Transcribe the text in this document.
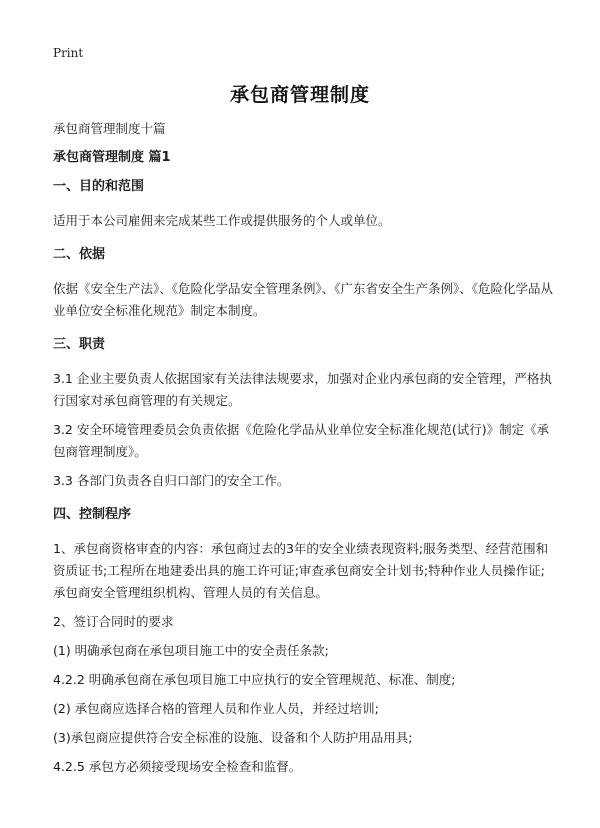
Print
承包商管理制度

承包商管理制度十篇

承包商管理制度 篇1

一、目的和范围

适用于本公司雇佣来完成某些工作或提供服务的个人或单位。

二、依据

依据《安全生产法》、《危险化学品安全管理条例》、《广东省安全生产条例》、《危险化学品从业单位安全标准化规范》制定本制度。

三、职责

3.1 企业主要负责人依据国家有关法律法规要求，加强对企业内承包商的安全管理，严格执行国家对承包商管理的有关规定。

3.2 安全环境管理委员会负责依据《危险化学品从业单位安全标准化规范(试行)》制定《承包商管理制度》。

3.3 各部门负责各自归口部门的安全工作。

四、控制程序

1、承包商资格审查的内容：承包商过去的3年的安全业绩表现资料;服务类型、经营范围和资质证书;工程所在地建委出具的施工许可证;审查承包商安全计划书;特种作业人员操作证;承包商安全管理组织机构、管理人员的有关信息。

2、签订合同时的要求

(1) 明确承包商在承包项目施工中的安全责任条款;

4.2.2 明确承包商在承包项目施工中应执行的安全管理规范、标准、制度;

(2) 承包商应选择合格的管理人员和作业人员，并经过培训;

(3)承包商应提供符合安全标准的设施、设备和个人防护用品用具;

4.2.5 承包方必须接受现场安全检查和监督。
